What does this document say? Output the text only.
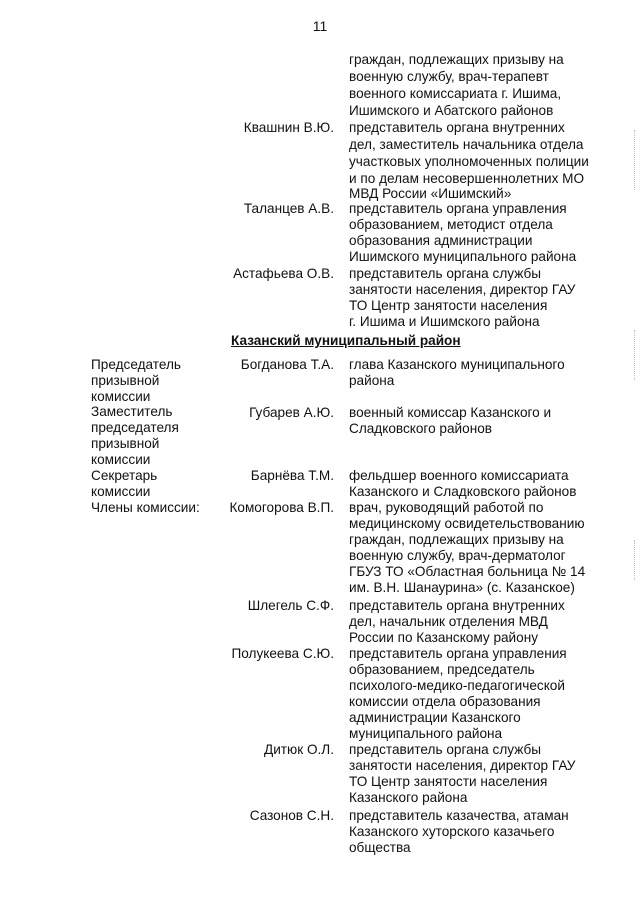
11
граждан, подлежащих призыву на
военную службу, врач-терапевт
военного комиссариата г. Ишима,
Ишимского и Абатского районов
Квашнин В.Ю. представитель органа внутренних
дел, заместитель начальника отдела
участковых уполномоченных полиции
и по делам несовершеннолетних МО
МВД России «Ишимский»
Таланцев А.В. представитель органа управления
образованием, методист отдела
образования администрации
Ишимского муниципального района
Астафьева О.В. представитель органа службы
занятости населения, директор ГАУ
ТО Центр занятости населения
г. Ишима и Ишимского района
Казанский муниципальный район
Председатель
призывной
комиссии
Заместитель
председателя
призывной
комиссии
Секретарь
комиссии
Члены комиссии:
Богданова Т.А. глава Казанского муниципального
района
Губарев А.Ю. военный комиссар Казанского и
Сладковского районов
Барнёва Т.М. фельдшер военного комиссариата
Казанского и Сладковского районов
Комогорова В.П. врач, руководящий работой по
медицинскому освидетельствованию
граждан, подлежащих призыву на
военную службу, врач-дерматолог
ГБУЗ ТО «Областная больница № 14
им. В.Н. Шанаурина» (с. Казанское)
Шлегель С.Ф. представитель органа внутренних
дел, начальник отделения МВД
России по Казанскому району
Полукеева С.Ю. представитель органа управления
образованием, председатель
психолого-медико-педагогической
комиссии отдела образования
администрации Казанского
муниципального района
Дитюк О.Л. представитель органа службы
занятости населения, директор ГАУ
ТО Центр занятости населения
Казанского района
Сазонов С.Н. представитель казачества, атаман
Казанского хуторского казачьего
общества
